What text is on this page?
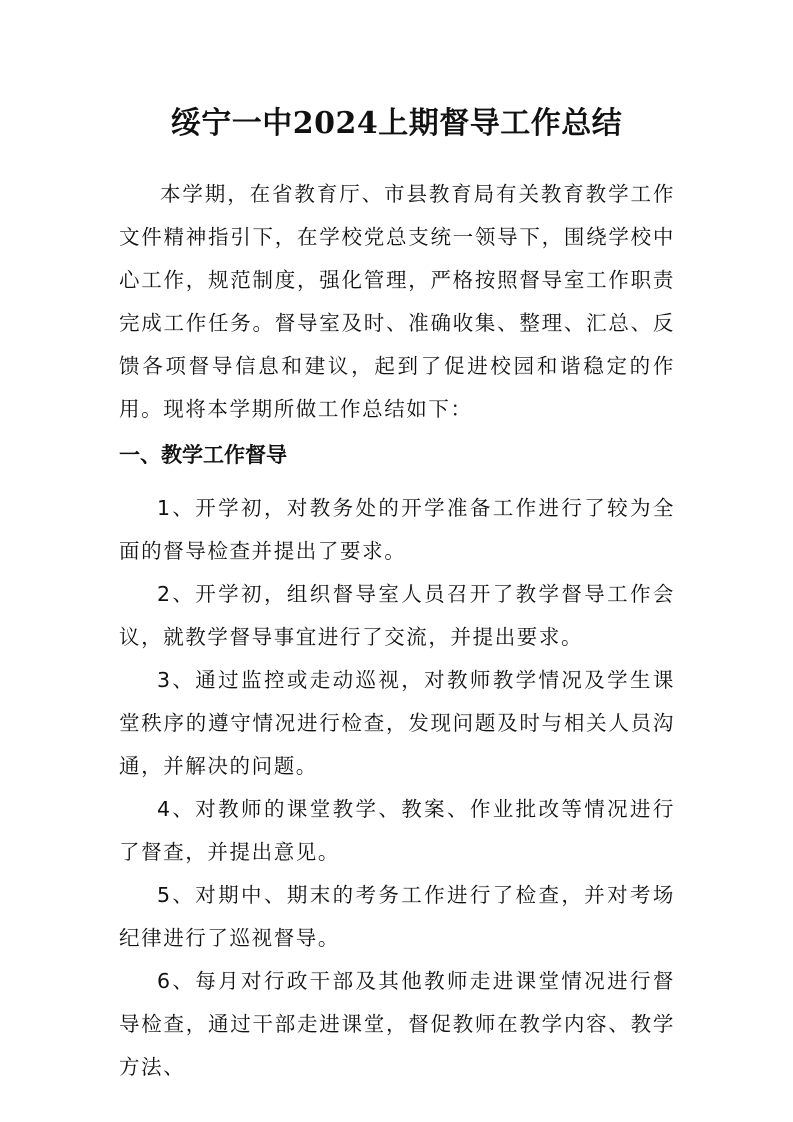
绥宁一中2024上期督导工作总结

本学期，在省教育厅、市县教育局有关教育教学工作文件精神指引下，在学校党总支统一领导下，围绕学校中心工作，规范制度，强化管理，严格按照督导室工作职责完成工作任务。督导室及时、准确收集、整理、汇总、反馈各项督导信息和建议，起到了促进校园和谐稳定的作用。现将本学期所做工作总结如下：

一、教学工作督导
1、开学初，对教务处的开学准备工作进行了较为全面的督导检查并提出了要求。
2、开学初，组织督导室人员召开了教学督导工作会议，就教学督导事宜进行了交流，并提出要求。
3、通过监控或走动巡视，对教师教学情况及学生课堂秩序的遵守情况进行检查，发现问题及时与相关人员沟通，并解决的问题。
4、对教师的课堂教学、教案、作业批改等情况进行了督查，并提出意见。
5、对期中、期末的考务工作进行了检查，并对考场纪律进行了巡视督导。
6、每月对行政干部及其他教师走进课堂情况进行督导检查，通过干部走进课堂，督促教师在教学内容、教学方法、
